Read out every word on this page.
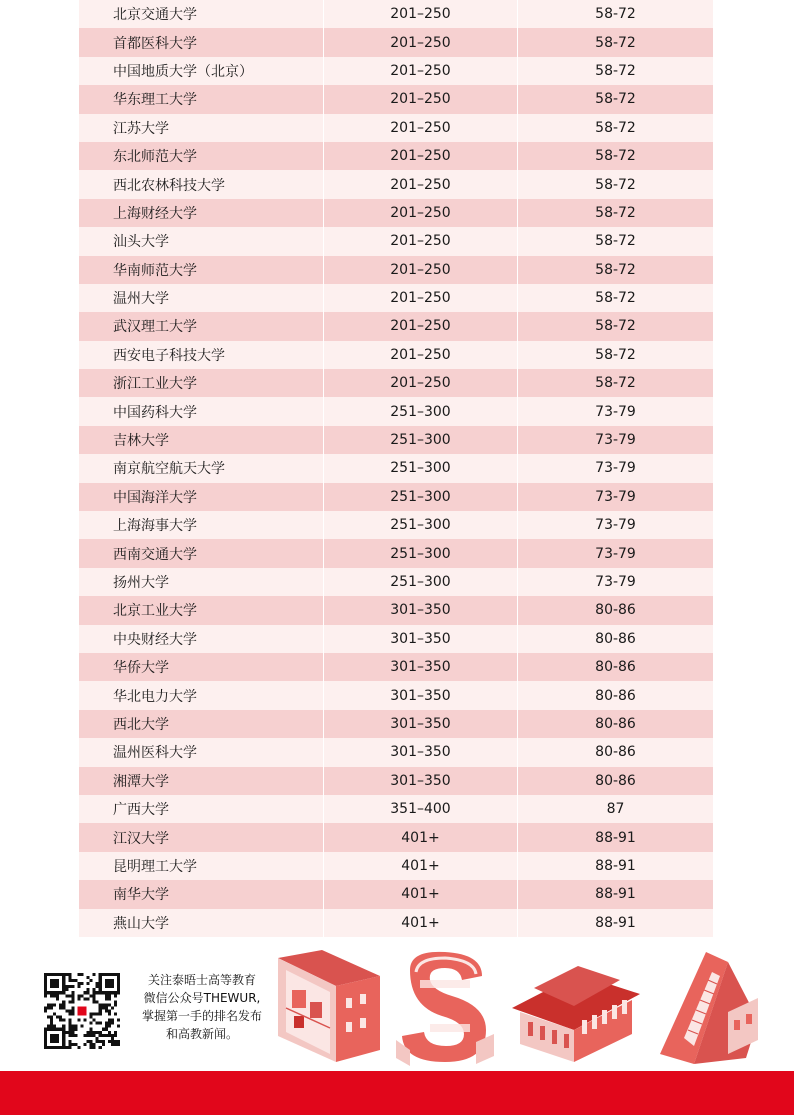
北京交通大学	201–250	58-72
首都医科大学	201–250	58-72
中国地质大学（北京）	201–250	58-72
华东理工大学	201–250	58-72
江苏大学	201–250	58-72
东北师范大学	201–250	58-72
西北农林科技大学	201–250	58-72
上海财经大学	201–250	58-72
汕头大学	201–250	58-72
华南师范大学	201–250	58-72
温州大学	201–250	58-72
武汉理工大学	201–250	58-72
西安电子科技大学	201–250	58-72
浙江工业大学	201–250	58-72
中国药科大学	251–300	73-79
吉林大学	251–300	73-79
南京航空航天大学	251–300	73-79
中国海洋大学	251–300	73-79
上海海事大学	251–300	73-79
西南交通大学	251–300	73-79
扬州大学	251–300	73-79
北京工业大学	301–350	80-86
中央财经大学	301–350	80-86
华侨大学	301–350	80-86
华北电力大学	301–350	80-86
西北大学	301–350	80-86
温州医科大学	301–350	80-86
湘潭大学	301–350	80-86
广西大学	351–400	87
江汉大学	401+	88-91
昆明理工大学	401+	88-91
南华大学	401+	88-91
燕山大学	401+	88-91
关注泰晤士高等教育
微信公众号THEWUR,
掌握第一手的排名发布
和高教新闻。
